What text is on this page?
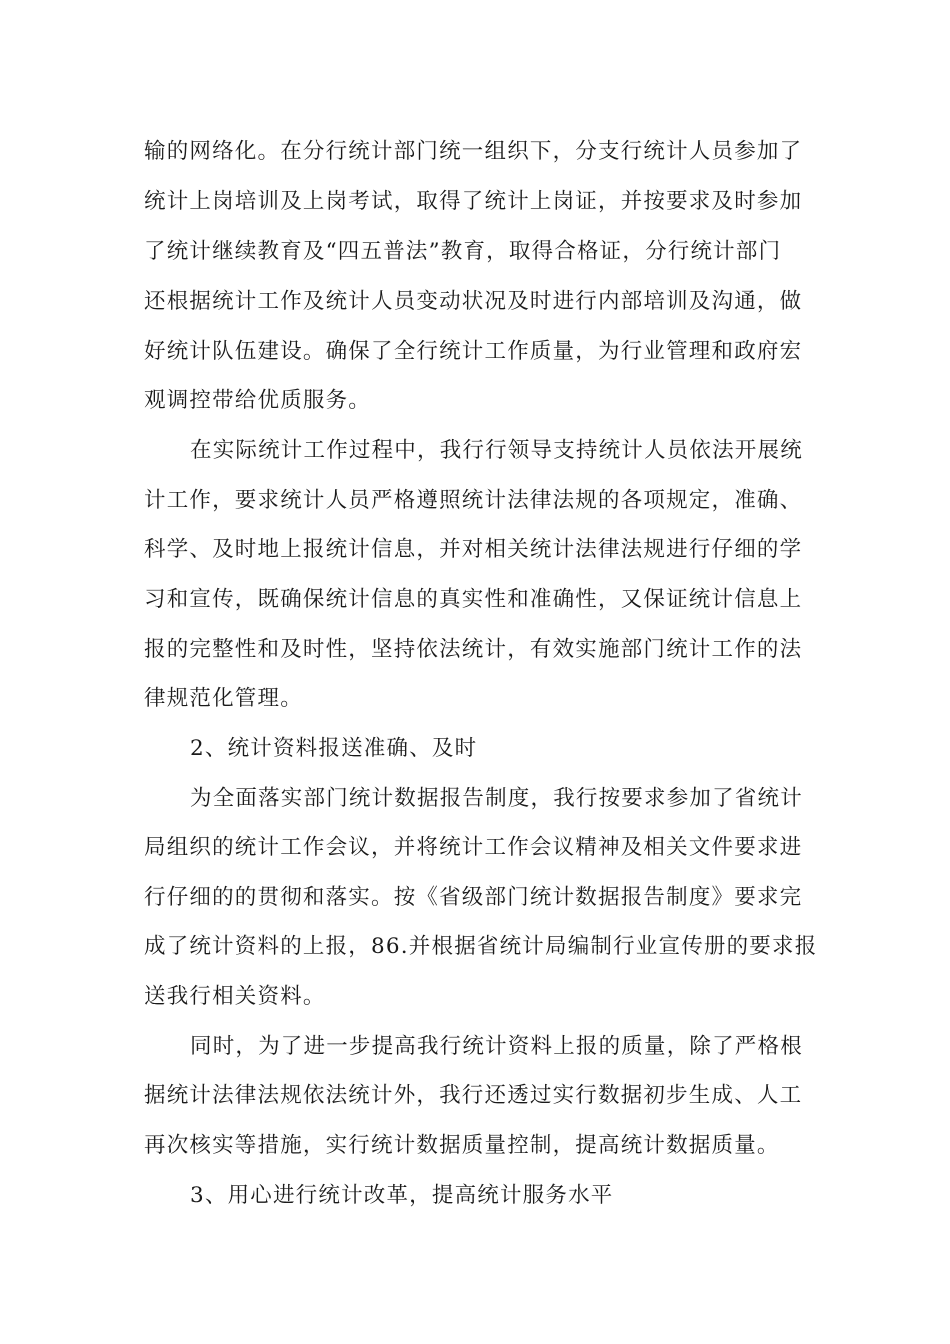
输的网络化。在分行统计部门统一组织下，分支行统计人员参加了
统计上岗培训及上岗考试，取得了统计上岗证，并按要求及时参加
了统计继续教育及“四五普法”教育，取得合格证，分行统计部门
还根据统计工作及统计人员变动状况及时进行内部培训及沟通，做
好统计队伍建设。确保了全行统计工作质量，为行业管理和政府宏
观调控带给优质服务。
在实际统计工作过程中，我行行领导支持统计人员依法开展统
计工作，要求统计人员严格遵照统计法律法规的各项规定，准确、
科学、及时地上报统计信息，并对相关统计法律法规进行仔细的学
习和宣传，既确保统计信息的真实性和准确性，又保证统计信息上
报的完整性和及时性，坚持依法统计，有效实施部门统计工作的法
律规范化管理。
2、统计资料报送准确、及时
为全面落实部门统计数据报告制度，我行按要求参加了省统计
局组织的统计工作会议，并将统计工作会议精神及相关文件要求进
行仔细的的贯彻和落实。按《省级部门统计数据报告制度》要求完
成了统计资料的上报，86.并根据省统计局编制行业宣传册的要求报
送我行相关资料。
同时，为了进一步提高我行统计资料上报的质量，除了严格根
据统计法律法规依法统计外，我行还透过实行数据初步生成、人工
再次核实等措施，实行统计数据质量控制，提高统计数据质量。
3、用心进行统计改革，提高统计服务水平
